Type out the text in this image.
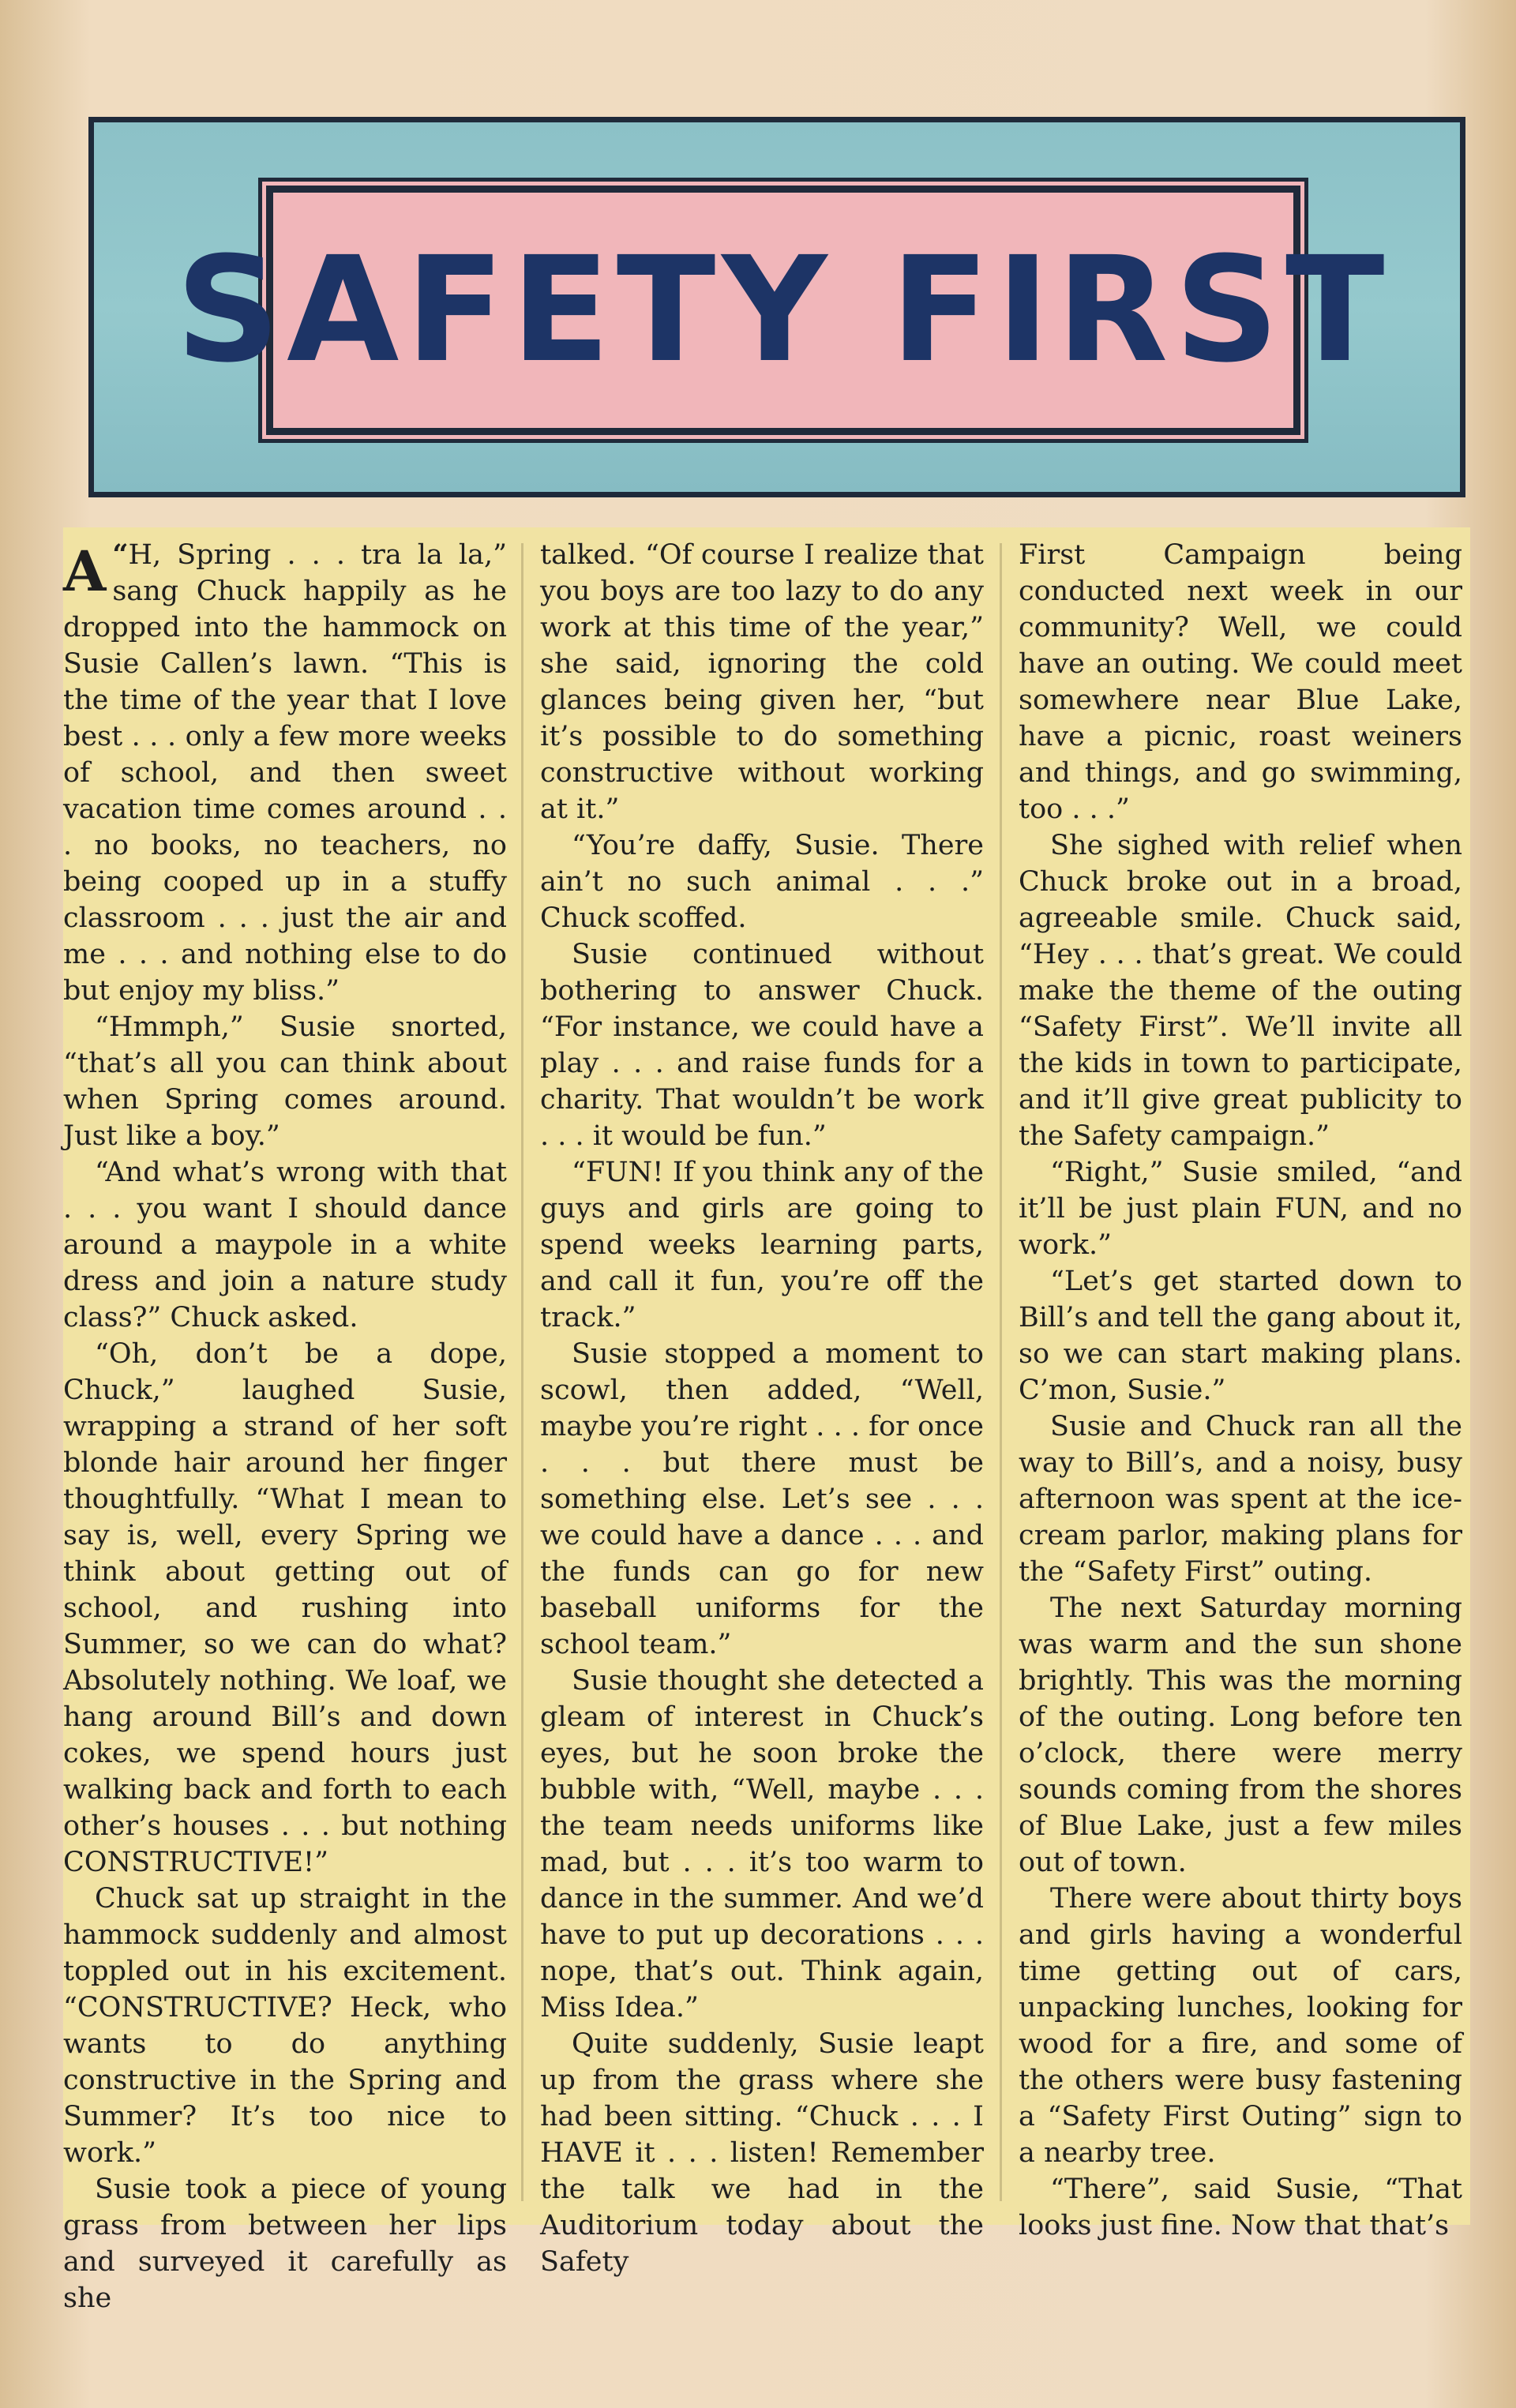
SAFETY FIRST

“
A H, Spring . . . tra la la,” sang Chuck happily as he dropped into the hammock on Susie Callen’s lawn. “This is the time of the year that I love best . . . only a few more weeks of school, and then sweet vacation time comes around . . . no books, no teachers, no being cooped up in a stuffy classroom . . . just the air and me . . . and nothing else to do but enjoy my bliss.”

“Hmmph,” Susie snorted, “that’s all you can think about when Spring comes around. Just like a boy.”

“And what’s wrong with that . . . you want I should dance around a maypole in a white dress and join a nature study class?” Chuck asked.

“Oh, don’t be a dope, Chuck,” laughed Susie, wrapping a strand of her soft blonde hair around her finger thoughtfully. “What I mean to say is, well, every Spring we think about getting out of school, and rushing into Summer, so we can do what? Absolutely nothing. We loaf, we hang around Bill’s and down cokes, we spend hours just walking back and forth to each other’s houses . . . but nothing CONSTRUCTIVE!”

Chuck sat up straight in the hammock suddenly and almost toppled out in his excitement. “CONSTRUCTIVE? Heck, who wants to do anything constructive in the Spring and Summer? It’s too nice to work.”

Susie took a piece of young grass from between her lips and surveyed it carefully as she

talked. “Of course I realize that you boys are too lazy to do any work at this time of the year,” she said, ignoring the cold glances being given her, “but it’s possible to do something constructive without working at it.”

“You’re daffy, Susie. There ain’t no such animal . . .” Chuck scoffed.

Susie continued without bothering to answer Chuck. “For instance, we could have a play . . . and raise funds for a charity. That wouldn’t be work . . . it would be fun.”

“FUN! If you think any of the guys and girls are going to spend weeks learning parts, and call it fun, you’re off the track.”

Susie stopped a moment to scowl, then added, “Well, maybe you’re right . . . for once . . . but there must be something else. Let’s see . . . we could have a dance . . . and the funds can go for new baseball uniforms for the school team.”

Susie thought she detected a gleam of interest in Chuck’s eyes, but he soon broke the bubble with, “Well, maybe . . . the team needs uniforms like mad, but . . . it’s too warm to dance in the summer. And we’d have to put up decorations . . . nope, that’s out. Think again, Miss Idea.”

Quite suddenly, Susie leapt up from the grass where she had been sitting. “Chuck . . . I HAVE it . . . listen! Remember the talk we had in the Auditorium today about the Safety

First Campaign being conducted next week in our community? Well, we could have an outing. We could meet somewhere near Blue Lake, have a picnic, roast weiners and things, and go swimming, too . . .”

She sighed with relief when Chuck broke out in a broad, agreeable smile. Chuck said, “Hey . . . that’s great. We could make the theme of the outing “Safety First”. We’ll invite all the kids in town to participate, and it’ll give great publicity to the Safety campaign.”

“Right,” Susie smiled, “and it’ll be just plain FUN, and no work.”

“Let’s get started down to Bill’s and tell the gang about it, so we can start making plans. C’mon, Susie.”

Susie and Chuck ran all the way to Bill’s, and a noisy, busy afternoon was spent at the ice-cream parlor, making plans for the “Safety First” outing.

The next Saturday morning was warm and the sun shone brightly. This was the morning of the outing. Long before ten o’clock, there were merry sounds coming from the shores of Blue Lake, just a few miles out of town.

There were about thirty boys and girls having a wonderful time getting out of cars, unpacking lunches, looking for wood for a fire, and some of the others were busy fastening a “Safety First Outing” sign to a nearby tree.

“There”, said Susie, “That looks just fine. Now that that’s
